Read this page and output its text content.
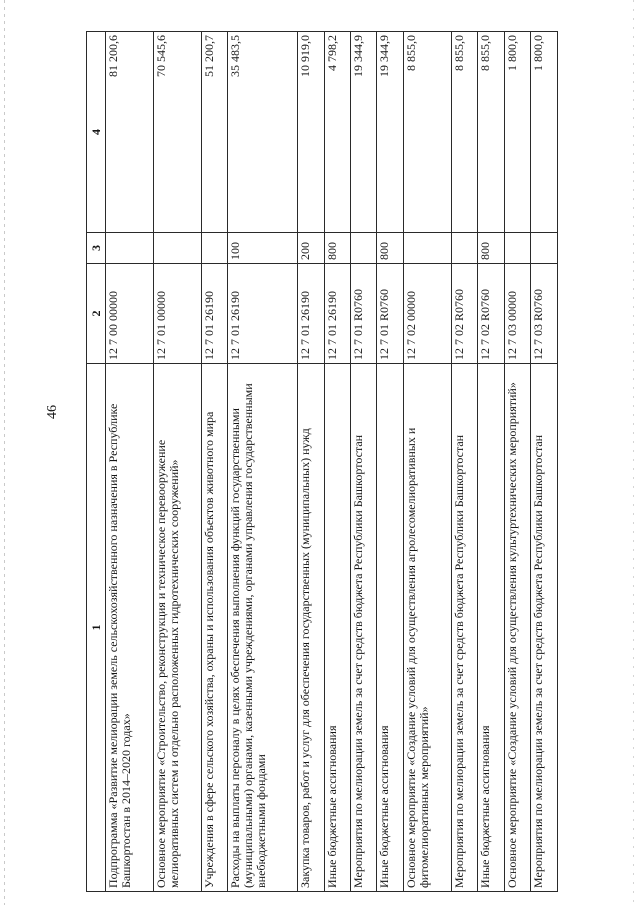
46
1	2	3	4
Подпрограмма «Развитие мелиорации земель сельскохозяйственного назначения в Республике Башкортостан в 2014–2020 годах»	12 7 00 00000		81 200,6
Основное мероприятие «Строительство, реконструкция и техническое перевооружение мелиоративных систем и отдельно расположенных гидротехнических сооружений»	12 7 01 00000		70 545,6
Учреждения в сфере сельского хозяйства, охраны и использования объектов животного мира	12 7 01 26190		51 200,7
Расходы на выплаты персоналу в целях обеспечения выполнения функций государственными (муниципальными) органами, казенными учреждениями, органами управления государственными внебюджетными фондами	12 7 01 26190	100	35 483,5
Закупка товаров, работ и услуг для обеспечения государственных (муниципальных) нужд	12 7 01 26190	200	10 919,0
Иные бюджетные ассигнования	12 7 01 26190	800	4 798,2
Мероприятия по мелиорации земель за счет средств бюджета Республики Башкортостан	12 7 01 R0760		19 344,9
Иные бюджетные ассигнования	12 7 01 R0760	800	19 344,9
Основное мероприятие «Создание условий для осуществления агролесомелиоративных и фитомелиоративных мероприятий»	12 7 02 00000		8 855,0
Мероприятия по мелиорации земель за счет средств бюджета Республики Башкортостан	12 7 02 R0760		8 855,0
Иные бюджетные ассигнования	12 7 02 R0760	800	8 855,0
Основное мероприятие «Создание условий для осуществления культуртехнических мероприятий»	12 7 03 00000		1 800,0
Мероприятия по мелиорации земель за счет средств бюджета Республики Башкортостан	12 7 03 R0760		1 800,0
